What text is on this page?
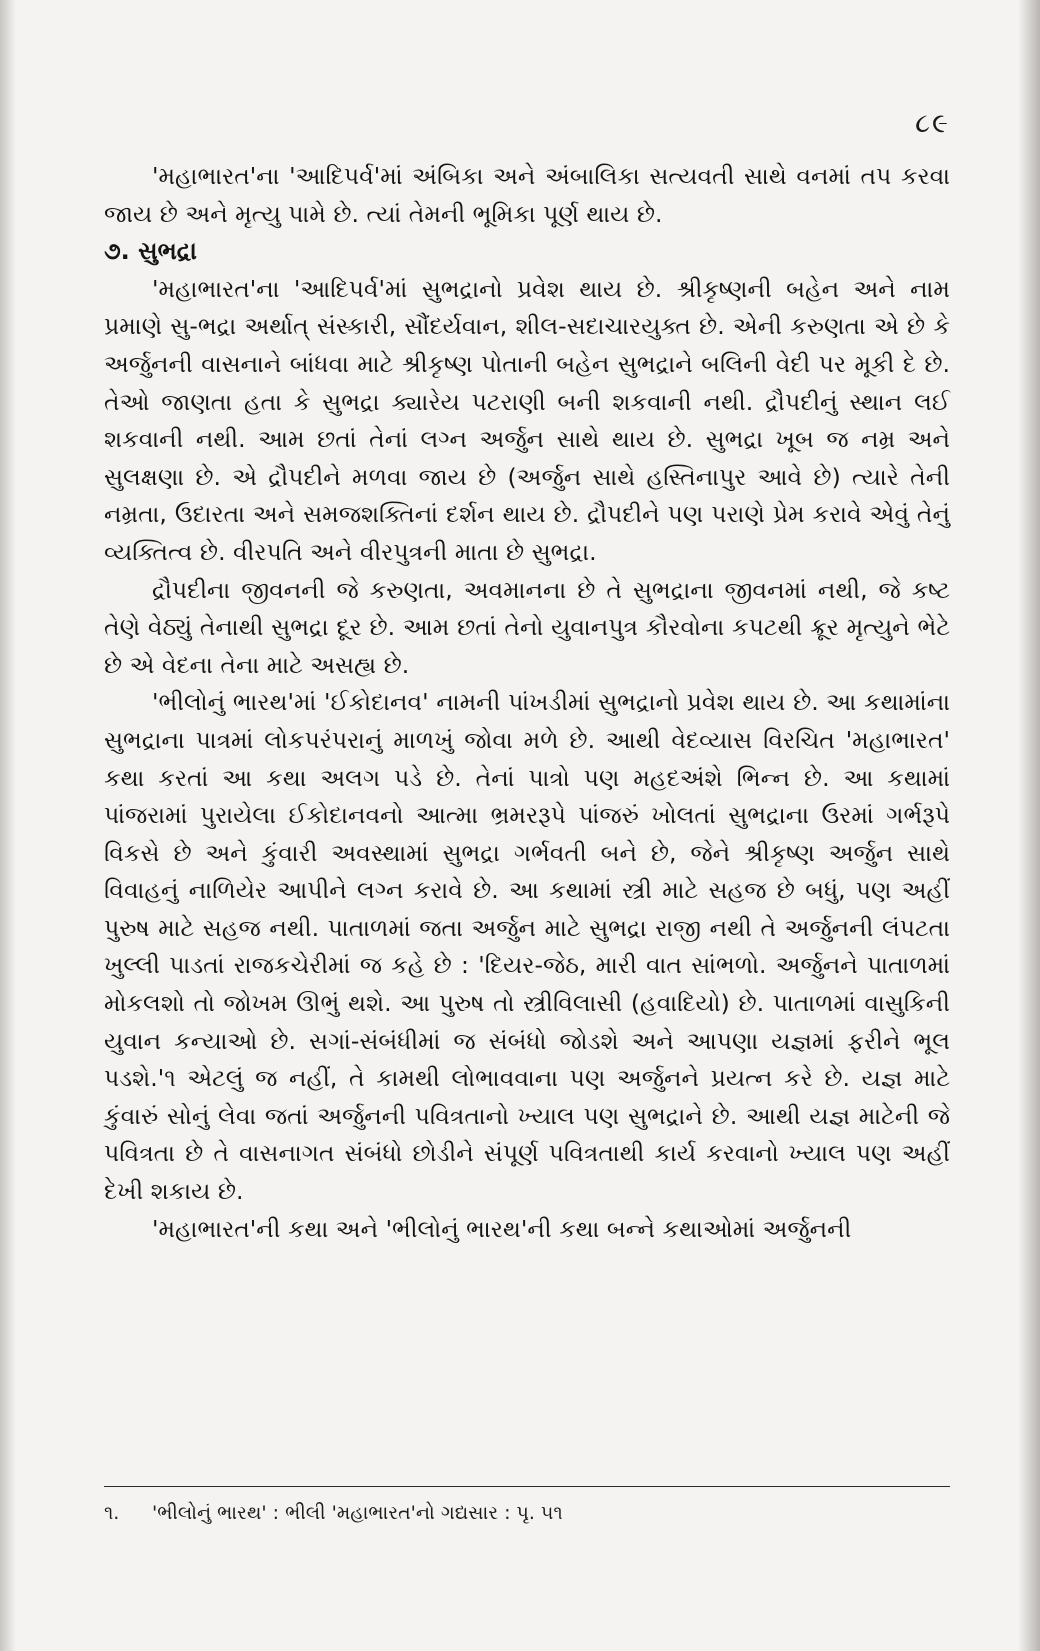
૮૯

'મહાભારત'ના 'આદિપર્વ'માં અંબિકા અને અંબાલિકા સત્યવતી સાથે વનમાં તપ કરવા જાય છે અને મૃત્યુ પામે છે. ત્યાં તેમની ભૂમિકા પૂર્ણ થાય છે.

૭. સુભદ્રા

'મહાભારત'ના 'આદિપર્વ'માં સુભદ્રાનો પ્રવેશ થાય છે. શ્રીકૃષ્ણની બહેન અને નામ પ્રમાણે સુ-ભદ્રા અર્થાત્ સંસ્કારી, સૌંદર્યવાન, શીલ-સદાચારયુક્ત છે. એની કરુણતા એ છે કે અર્જુનની વાસનાને બાંધવા માટે શ્રીકૃષ્ણ પોતાની બહેન સુભદ્રાને બલિની વેદી પર મૂકી દે છે. તેઓ જાણતા હતા કે સુભદ્રા ક્યારેય પટરાણી બની શકવાની નથી. દ્રૌપદીનું સ્થાન લઈ શકવાની નથી. આમ છતાં તેનાં લગ્ન અર્જુન સાથે થાય છે. સુભદ્રા ખૂબ જ નમ્ર અને સુલક્ષણા છે. એ દ્રૌપદીને મળવા જાય છે (અર્જુન સાથે હસ્તિનાપુર આવે છે) ત્યારે તેની નમ્રતા, ઉદારતા અને સમજશક્તિનાં દર્શન થાય છે. દ્રૌપદીને પણ પરાણે પ્રેમ કરાવે એવું તેનું વ્યક્તિત્વ છે. વીરપતિ અને વીરપુત્રની માતા છે સુભદ્રા.

દ્રૌપદીના જીવનની જે કરુણતા, અવમાનના છે તે સુભદ્રાના જીવનમાં નથી, જે કષ્ટ તેણે વેઠ્યું તેનાથી સુભદ્રા દૂર છે. આમ છતાં તેનો યુવાનપુત્ર કૌરવોના કપટથી ક્રૂર મૃત્યુને ભેટે છે એ વેદના તેના માટે અસહ્ય છે.

'ભીલોનું ભારથ'માં 'ઈકોદાનવ' નામની પાંખડીમાં સુભદ્રાનો પ્રવેશ થાય છે. આ કથામાંના સુભદ્રાના પાત્રમાં લોકપરંપરાનું માળખું જોવા મળે છે. આથી વેદવ્યાસ વિરચિત 'મહાભારત' કથા કરતાં આ કથા અલગ પડે છે. તેનાં પાત્રો પણ મહદઅંશે ભિન્ન છે. આ કથામાં પાંજરામાં પુરાયેલા ઈકોદાનવનો આત્મા ભ્રમરરૂપે પાંજરું ખોલતાં સુભદ્રાના ઉરમાં ગર્ભરૂપે વિકસે છે અને કુંવારી અવસ્થામાં સુભદ્રા ગર્ભવતી બને છે, જેને શ્રીકૃષ્ણ અર્જુન સાથે વિવાહનું નાળિયેર આપીને લગ્ન કરાવે છે. આ કથામાં સ્ત્રી માટે સહજ છે બધું, પણ અહીં પુરુષ માટે સહજ નથી. પાતાળમાં જતા અર્જુન માટે સુભદ્રા રાજી નથી તે અર્જુનની લંપટતા ખુલ્લી પાડતાં રાજકચેરીમાં જ કહે છે : 'દિયર-જેઠ, મારી વાત સાંભળો. અર્જુનને પાતાળમાં મોકલશો તો જોખમ ઊભું થશે. આ પુરુષ તો સ્ત્રીવિલાસી (હવાદિયો) છે. પાતાળમાં વાસુકિની યુવાન કન્યાઓ છે. સગાં-સંબંધીમાં જ સંબંધો જોડશે અને આપણા યજ્ઞમાં ફરીને ભૂલ પડશે.'૧ એટલું જ નહીં, તે કામથી લોભાવવાના પણ અર્જુનને પ્રયત્ન કરે છે. યજ્ઞ માટે કુંવારું સોનું લેવા જતાં અર્જુનની પવિત્રતાનો ખ્યાલ પણ સુભદ્રાને છે. આથી યજ્ઞ માટેની જે પવિત્રતા છે તે વાસનાગત સંબંધો છોડીને સંપૂર્ણ પવિત્રતાથી કાર્ય કરવાનો ખ્યાલ પણ અહીં દેખી શકાય છે.

'મહાભારત'ની કથા અને 'ભીલોનું ભારથ'ની કથા બન્ને કથાઓમાં અર્જુનની

૧. 'ભીલોનું ભારથ' : ભીલી 'મહાભારત'નો ગદ્યસાર : પૃ. ૫૧
